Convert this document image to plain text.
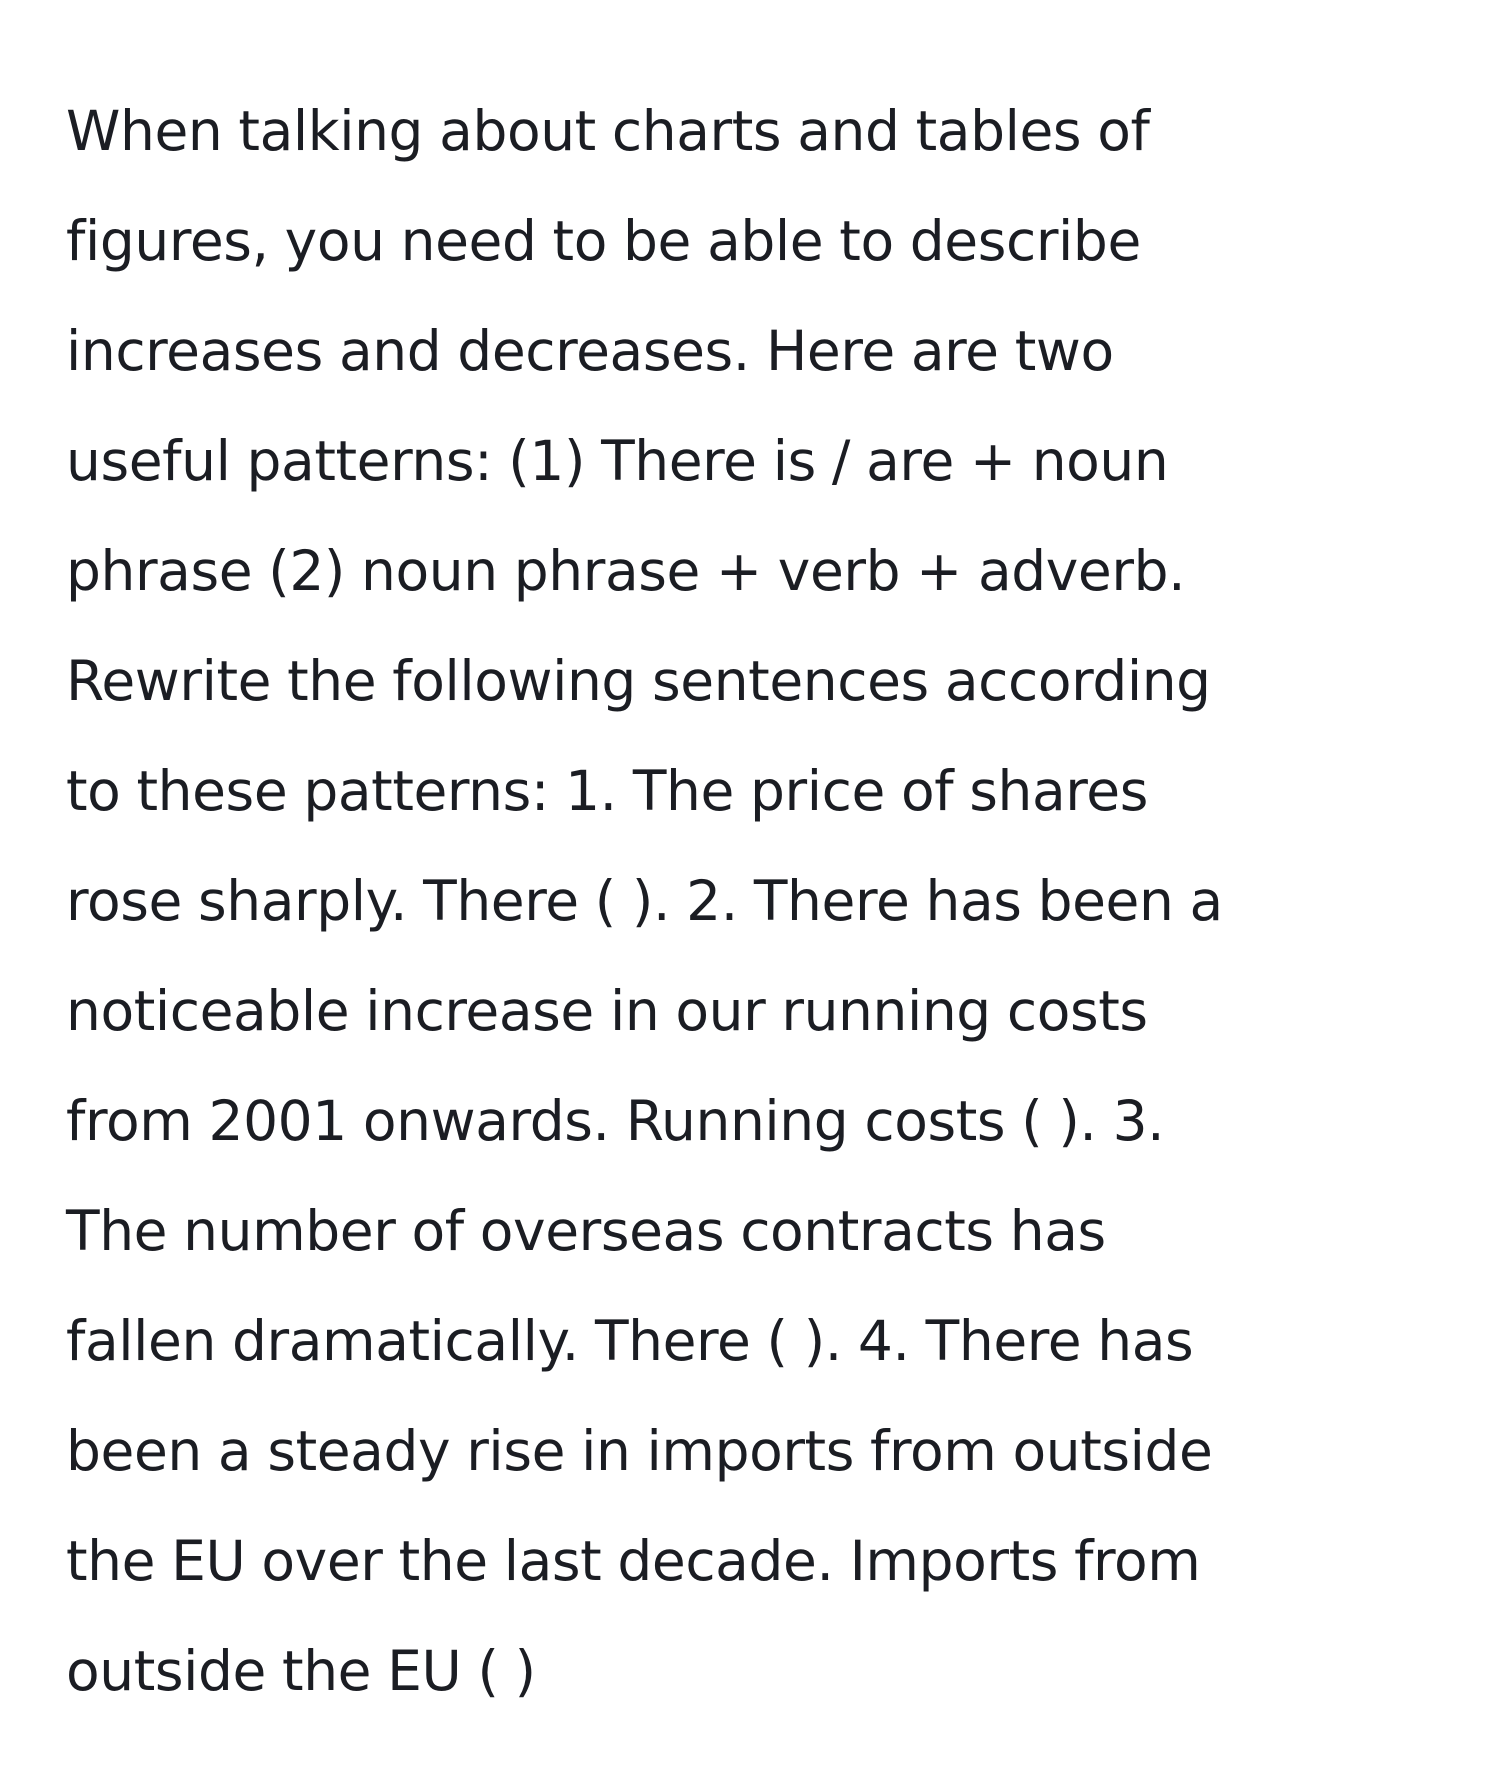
When talking about charts and tables of
figures, you need to be able to describe
increases and decreases. Here are two
useful patterns: (1) There is / are + noun
phrase (2) noun phrase + verb + adverb.
Rewrite the following sentences according
to these patterns: 1. The price of shares
rose sharply. There ( ). 2. There has been a
noticeable increase in our running costs
from 2001 onwards. Running costs ( ). 3.
The number of overseas contracts has
fallen dramatically. There ( ). 4. There has
been a steady rise in imports from outside
the EU over the last decade. Imports from
outside the EU ( )
